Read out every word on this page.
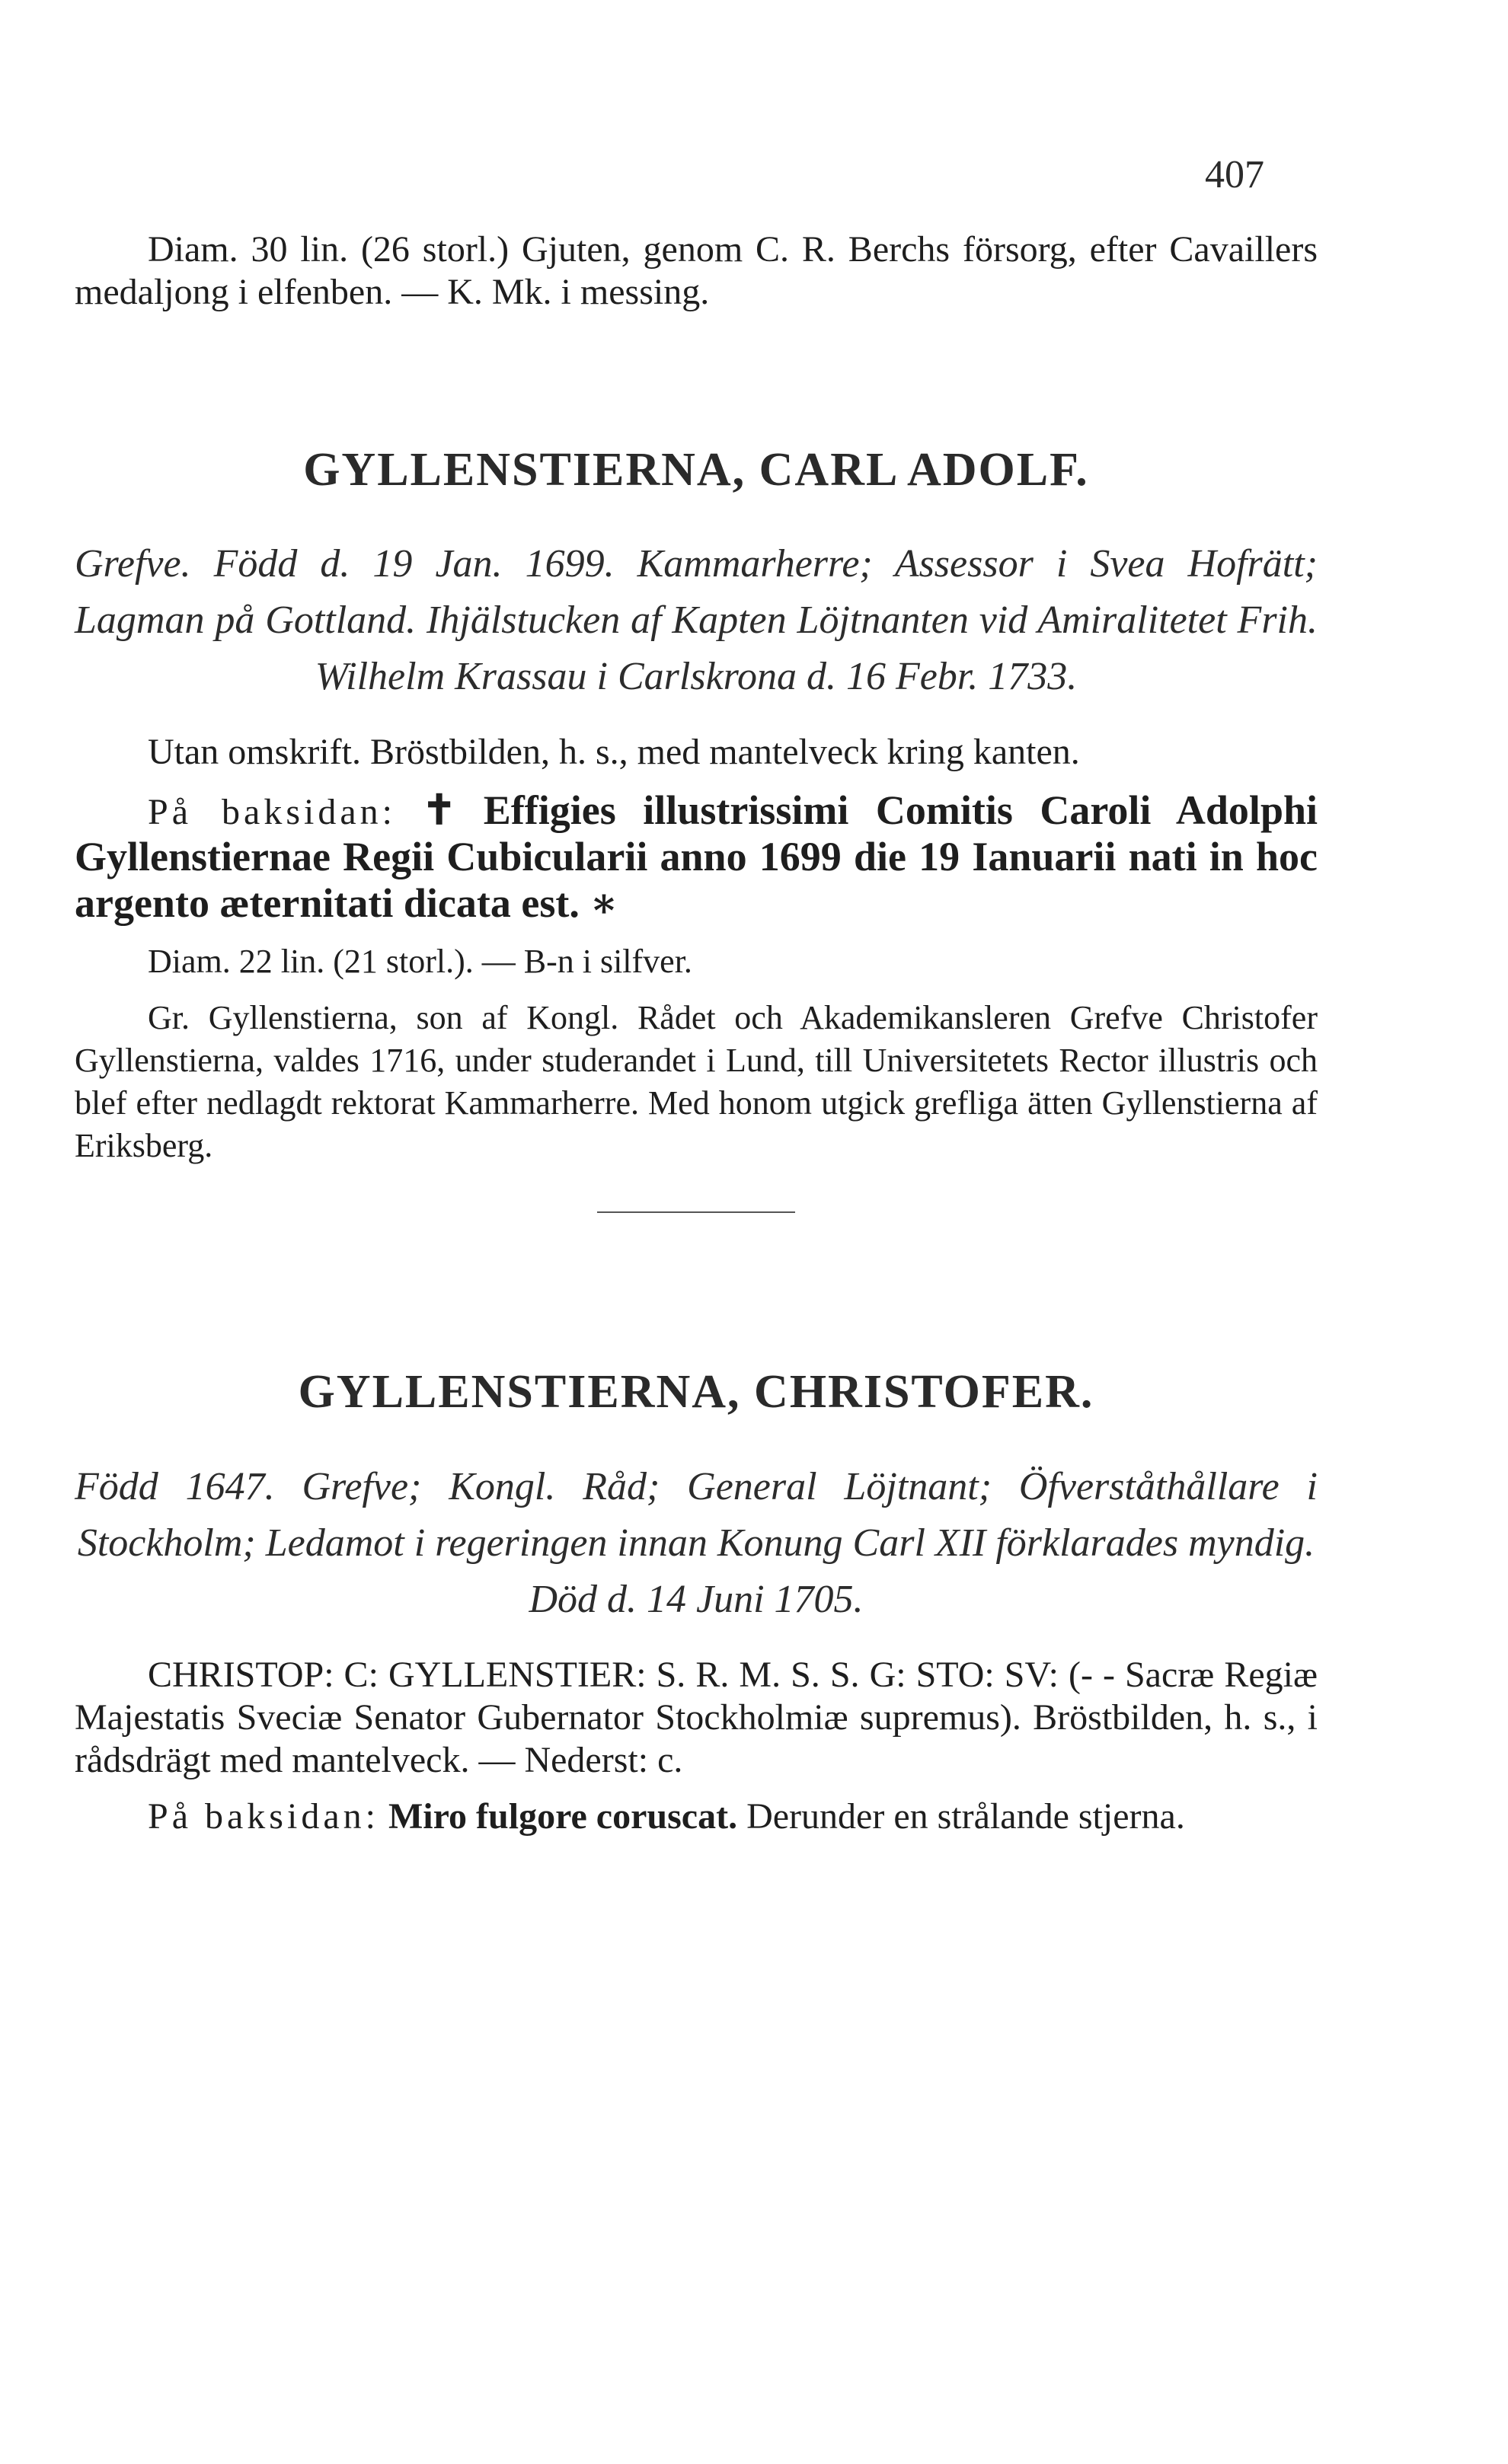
407

Diam. 30 lin. (26 storl.) Gjuten, genom C. R. Berchs försorg, efter Cavaillers medaljong i elfenben. — K. Mk. i messing.

GYLLENSTIERNA, CARL ADOLF.

Grefve. Född d. 19 Jan. 1699. Kammarherre; Assessor i Svea Hofrätt; Lagman på Gottland. Ihjälstucken af Kapten Löjtnanten vid Amiralitetet Frih. Wilhelm Krassau i Carlskrona d. 16 Febr. 1733.

Utan omskrift. Bröstbilden, h. s., med mantelveck kring kanten.

På baksidan: ✝ Effigies illustrissimi Comitis Caroli Adolphi Gyllenstiernae Regii Cubicularii anno 1699 die 19 Ianuarii nati in hoc argento æternitati dicata est. ∗

Diam. 22 lin. (21 storl.). — B-n i silfver.

Gr. Gyllenstierna, son af Kongl. Rådet och Akademikansleren Grefve Christofer Gyllenstierna, valdes 1716, under studerandet i Lund, till Universitetets Rector illustris och blef efter nedlagdt rektorat Kammarherre. Med honom utgick grefliga ätten Gyllenstierna af Eriksberg.

GYLLENSTIERNA, CHRISTOFER.

Född 1647. Grefve; Kongl. Råd; General Löjtnant; Öfverståthållare i Stockholm; Ledamot i regeringen innan Konung Carl XII förklarades myndig.

Död d. 14 Juni 1705.

CHRISTOP: C: GYLLENSTIER: S. R. M. S. S. G: STO: SV: (- - Sacræ Regiæ Majestatis Sveciæ Senator Gubernator Stockholmiæ supremus). Bröstbilden, h. s., i rådsdrägt med mantelveck. — Nederst: c.

På baksidan: Miro fulgore coruscat. Derunder en strålande stjerna.
